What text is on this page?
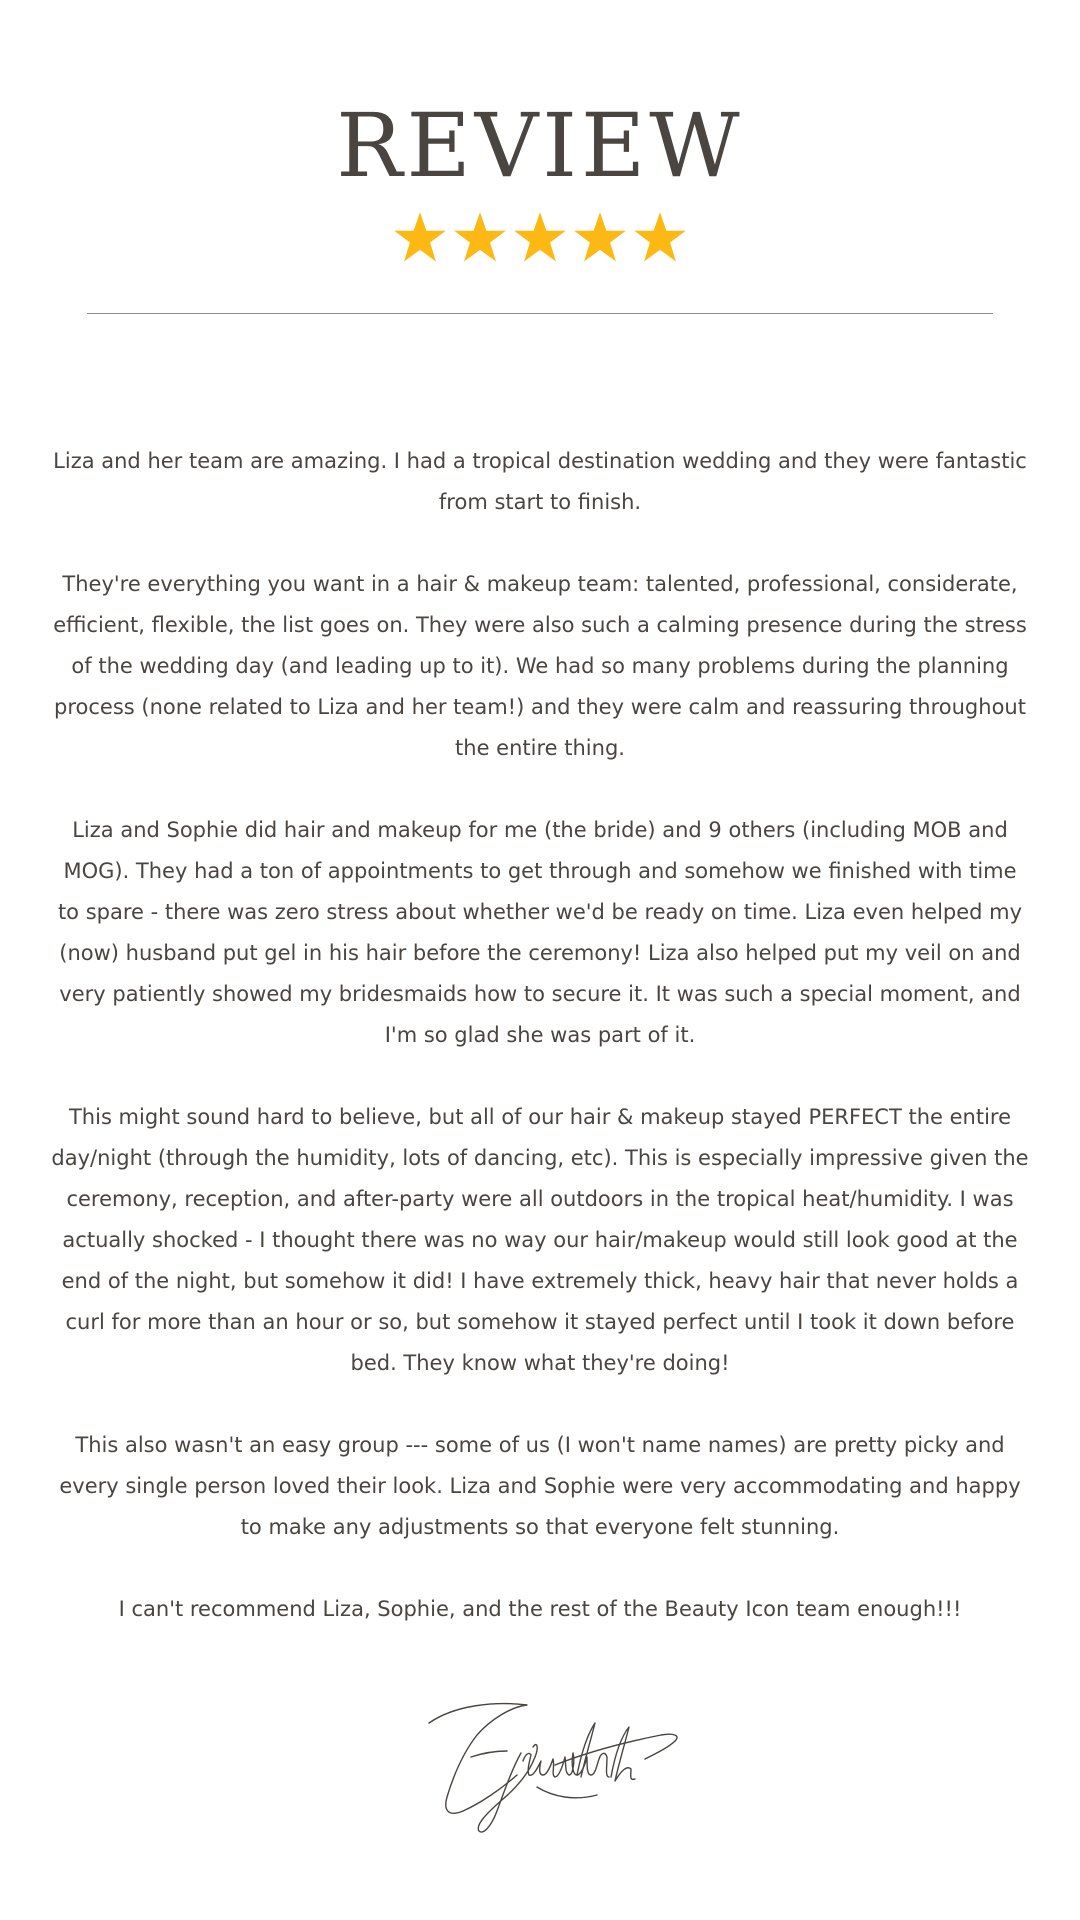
REVIEW

Liza and her team are amazing. I had a tropical destination wedding and they were fantastic from start to finish.

They're everything you want in a hair & makeup team: talented, professional, considerate, efficient, flexible, the list goes on. They were also such a calming presence during the stress of the wedding day (and leading up to it). We had so many problems during the planning process (none related to Liza and her team!) and they were calm and reassuring throughout the entire thing.

Liza and Sophie did hair and makeup for me (the bride) and 9 others (including MOB and MOG). They had a ton of appointments to get through and somehow we finished with time to spare - there was zero stress about whether we'd be ready on time. Liza even helped my (now) husband put gel in his hair before the ceremony! Liza also helped put my veil on and very patiently showed my bridesmaids how to secure it. It was such a special moment, and I'm so glad she was part of it.

This might sound hard to believe, but all of our hair & makeup stayed PERFECT the entire day/night (through the humidity, lots of dancing, etc). This is especially impressive given the ceremony, reception, and after-party were all outdoors in the tropical heat/humidity. I was actually shocked - I thought there was no way our hair/makeup would still look good at the end of the night, but somehow it did! I have extremely thick, heavy hair that never holds a curl for more than an hour or so, but somehow it stayed perfect until I took it down before bed. They know what they're doing!

This also wasn't an easy group --- some of us (I won't name names) are pretty picky and every single person loved their look. Liza and Sophie were very accommodating and happy to make any adjustments so that everyone felt stunning.

I can't recommend Liza, Sophie, and the rest of the Beauty Icon team enough!!!
